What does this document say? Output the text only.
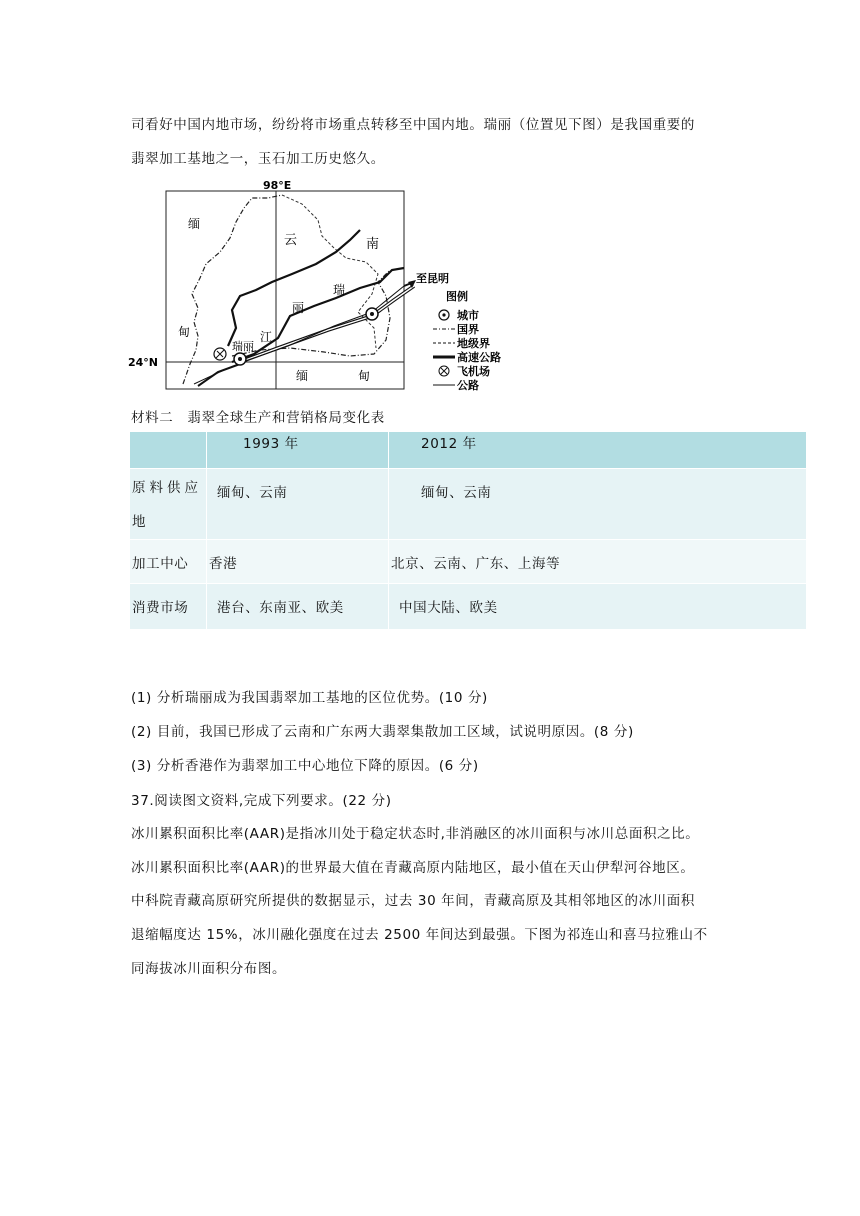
司看好中国内地市场，纷纷将市场重点转移至中国内地。瑞丽（位置见下图）是我国重要的
翡翠加工基地之一，玉石加工历史悠久。
98°E
24°N
缅
甸
云	南
瑞
丽
江
瑞丽
缅	甸
至昆明
图例
城市
国界
地级界
高速公路
飞机场
公路
材料二　翡翠全球生产和营销格局变化表

	1993 年	2012 年

原料供应地	缅甸、云南	缅甸、云南

加工中心	香港	北京、云南、广东、上海等

消费市场	港台、东南亚、欧美	中国大陆、欧美
(1) 分析瑞丽成为我国翡翠加工基地的区位优势。(10 分)
(2) 目前，我国已形成了云南和广东两大翡翠集散加工区域，试说明原因。(8 分)
(3) 分析香港作为翡翠加工中心地位下降的原因。(6 分)
37.阅读图文资料,完成下列要求。(22 分)
冰川累积面积比率(AAR)是指冰川处于稳定状态时,非消融区的冰川面积与冰川总面积之比。
冰川累积面积比率(AAR)的世界最大值在青藏高原内陆地区，最小值在天山伊犁河谷地区。
中科院青藏高原研究所提供的数据显示，过去 30 年间，青藏高原及其相邻地区的冰川面积
退缩幅度达 15%，冰川融化强度在过去 2500 年间达到最强。下图为祁连山和喜马拉雅山不
同海拔冰川面积分布图。
